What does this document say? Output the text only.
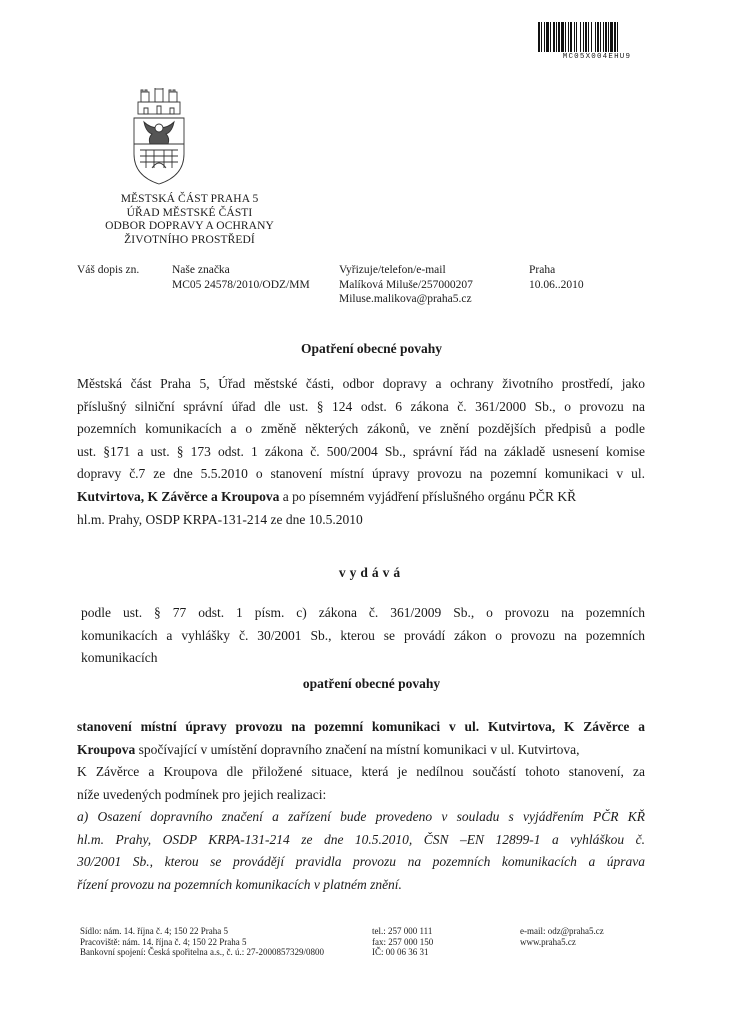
MC05X004EHU9
MĚSTSKÁ ČÁST PRAHA 5
ÚŘAD MĚSTSKÉ ČÁSTI
ODBOR DOPRAVY A OCHRANY
ŽIVOTNÍHO PROSTŘEDÍ
Váš dopis zn.	Naše značka
MC05 24578/2010/ODZ/MM
Vyřizuje/telefon/e-mail
Malíková Miluše/257000207
Miluse.malikova@praha5.cz
Praha
10.06..2010
Opatření obecné povahy
Městská část Praha 5, Úřad městské části, odbor dopravy a ochrany životního prostředí, jako
příslušný silniční správní úřad dle ust. § 124 odst. 6 zákona č. 361/2000 Sb., o provozu na
pozemních komunikacích a o změně některých zákonů, ve znění pozdějších předpisů a podle
ust. §171 a ust. § 173 odst. 1 zákona č. 500/2004 Sb., správní řád na základě usnesení komise
dopravy č.7 ze dne 5.5.2010 o stanovení místní úpravy provozu na pozemní komunikaci v ul.
Kutvirtova, K Závěrce a Kroupova a po písemném vyjádření příslušného orgánu PČR KŘ
hl.m. Prahy, OSDP KRPA-131-214 ze dne 10.5.2010
vydává
podle ust. § 77 odst. 1 písm. c) zákona č. 361/2009 Sb., o provozu na pozemních
komunikacích a vyhlášky č. 30/2001 Sb., kterou se provádí zákon o provozu na pozemních
komunikacích
opatření obecné povahy
stanovení místní úpravy provozu na pozemní komunikaci v ul. Kutvirtova, K Závěrce a
Kroupova spočívající v umístění dopravního značení na místní komunikaci v ul. Kutvirtova,
K Závěrce a Kroupova dle přiložené situace, která je nedílnou součástí tohoto stanovení, za
níže uvedených podmínek pro jejich realizaci:
a) Osazení dopravního značení a zařízení bude provedeno v souladu s vyjádřením PČR KŘ
hl.m. Prahy, OSDP KRPA-131-214 ze dne 10.5.2010, ČSN –EN 12899-1 a vyhláškou č.
30/2001 Sb., kterou se provádějí pravidla provozu na pozemních komunikacích a úprava
řízení provozu na pozemních komunikacích v platném znění.
Sídlo: nám. 14. října č. 4; 150 22 Praha 5
Pracoviště: nám. 14. října č. 4; 150 22 Praha 5
Bankovní spojení: Česká spořitelna a.s., č. ú.: 27-2000857329/0800
tel.: 257 000 111
fax: 257 000 150
IČ: 00 06 36 31
e-mail: odz@praha5.cz
www.praha5.cz
